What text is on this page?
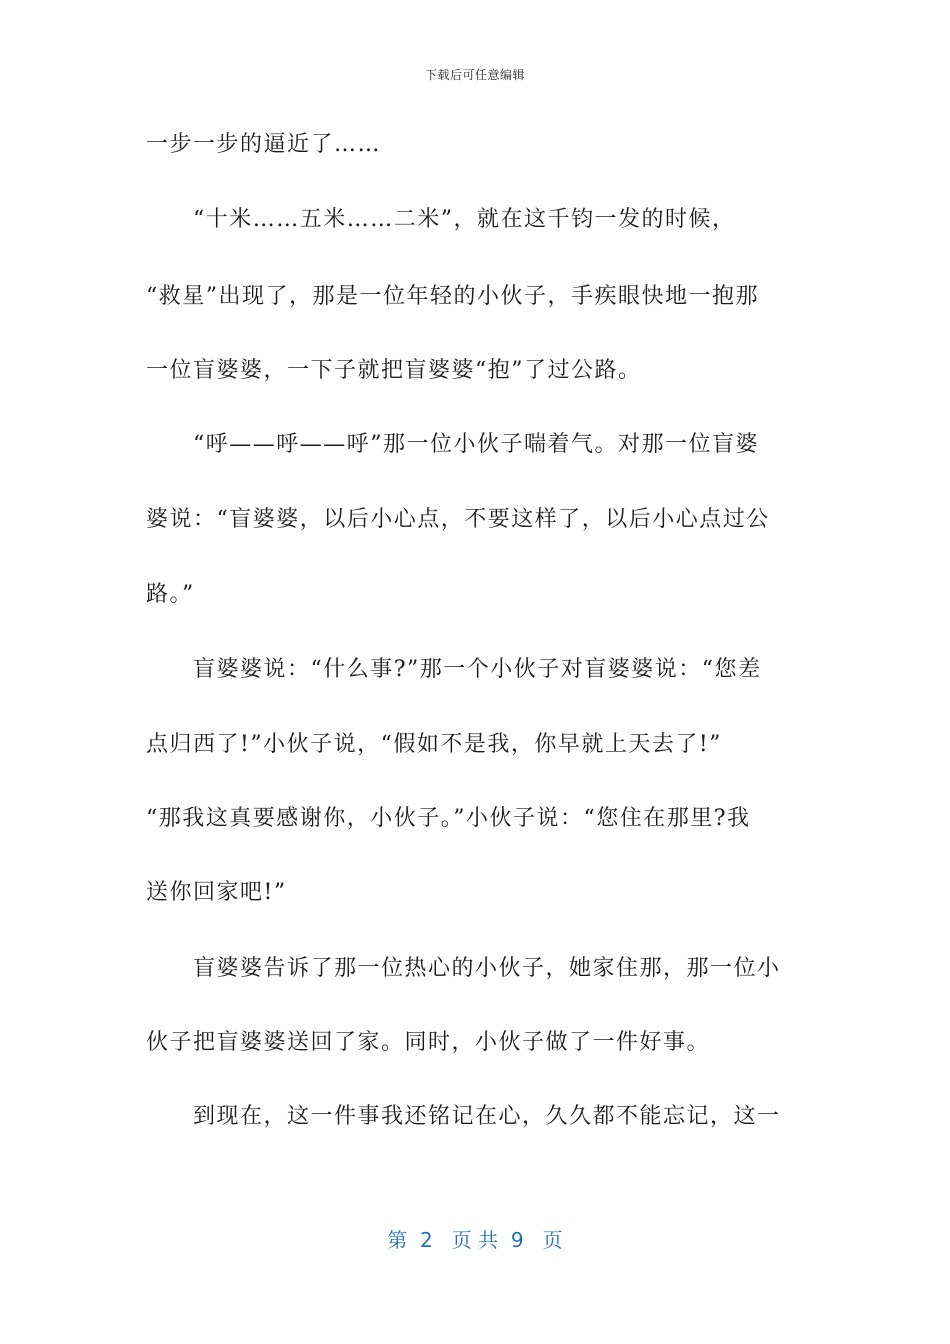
下载后可任意编辑
一步一步的逼近了……
　　“十米……五米……二米”，就在这千钧一发的时候，
“救星”出现了，那是一位年轻的小伙子，手疾眼快地一抱那
一位盲婆婆，一下子就把盲婆婆“抱”了过公路。
　　“呼——呼——呼”那一位小伙子喘着气。对那一位盲婆
婆说：“盲婆婆，以后小心点，不要这样了，以后小心点过公
路。”
　　盲婆婆说：“什么事?”那一个小伙子对盲婆婆说：“您差
点归西了!”小伙子说，“假如不是我，你早就上天去了!”
“那我这真要感谢你，小伙子。”小伙子说：“您住在那里?我
送你回家吧!”
　　盲婆婆告诉了那一位热心的小伙子，她家住那，那一位小
伙子把盲婆婆送回了家。同时，小伙子做了一件好事。
　　到现在，这一件事我还铭记在心，久久都不能忘记，这一
第  2   页 共  9   页
